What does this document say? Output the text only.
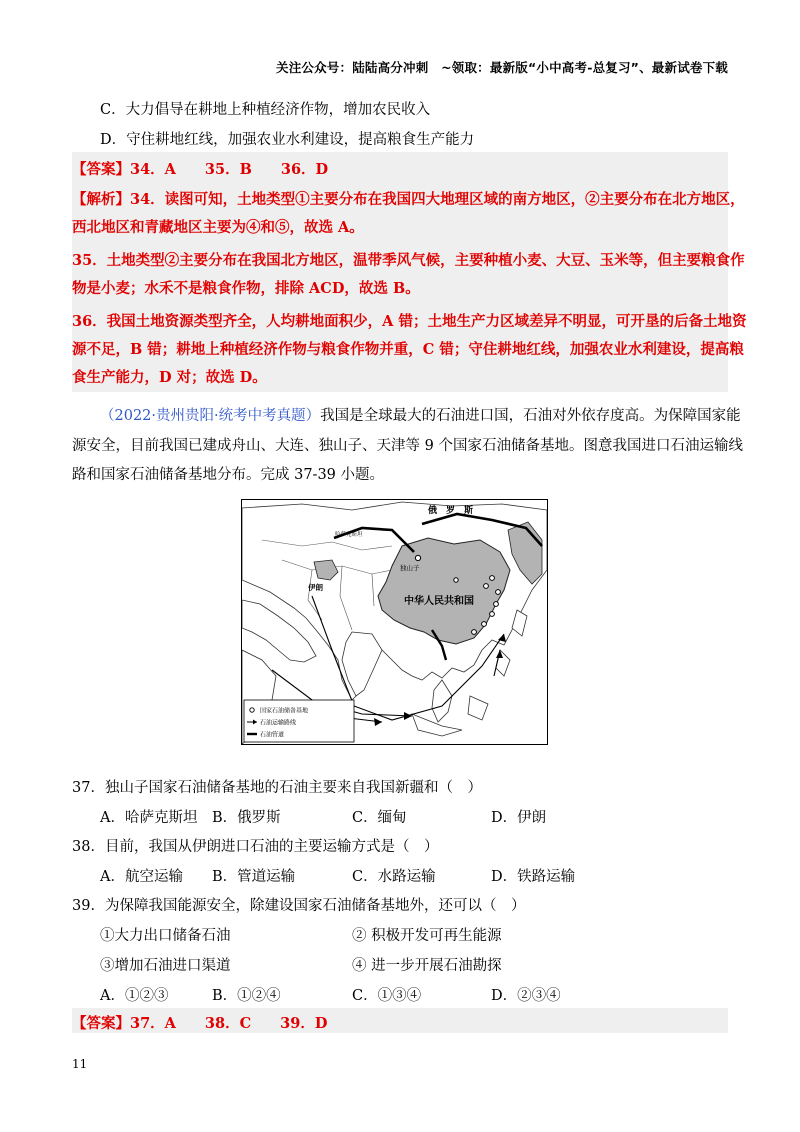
关注公众号：陆陆高分冲刺　~领取：最新版“小中高考-总复习”、最新试卷下载
C．大力倡导在耕地上种植经济作物，增加农民收入
D．守住耕地红线，加强农业水利建设，提高粮食生产能力
【答案】34．A　　35．B　　36．D
【解析】34．读图可知，土地类型①主要分布在我国四大地理区域的南方地区，②主要分布在北方地区，
西北地区和青藏地区主要为④和⑤，故选 A。
35．土地类型②主要分布在我国北方地区，温带季风气候，主要种植小麦、大豆、玉米等，但主要粮食作
物是小麦；水禾不是粮食作物，排除 ACD，故选 B。
36．我国土地资源类型齐全，人均耕地面积少，A 错；土地生产力区域差异不明显，可开垦的后备土地资
源不足，B 错；耕地上种植经济作物与粮食作物并重，C 错；守住耕地红线，加强农业水利建设，提高粮
食生产能力，D 对；故选 D。
（2022·贵州贵阳·统考中考真题）我国是全球最大的石油进口国，石油对外依存度高。为保障国家能
源安全，目前我国已建成舟山、大连、独山子、天津等 9 个国家石油储备基地。图意我国进口石油运输线
路和国家石油储备基地分布。完成 37-39 小题。
俄　罗　斯
哈萨克斯坦
独山子
伊朗
中华人民共和国
国家石油储备基地
石油运输路线
石油管道
37．独山子国家石油储备基地的石油主要来自我国新疆和（　）
A．哈萨克斯坦 B．俄罗斯	C．缅甸	D．伊朗
38．目前，我国从伊朗进口石油的主要运输方式是（　）
A．航空运输 B．管道运输	C．水路运输	D．铁路运输
39．为保障我国能源安全，除建设国家石油储备基地外，还可以（　）
①大力出口储备石油	② 积极开发可再生能源
③增加石油进口渠道	④ 进一步开展石油勘探
A．①②③	B．①②④	C．①③④	D．②③④
【答案】37．A　　38．C　　39．D
11
